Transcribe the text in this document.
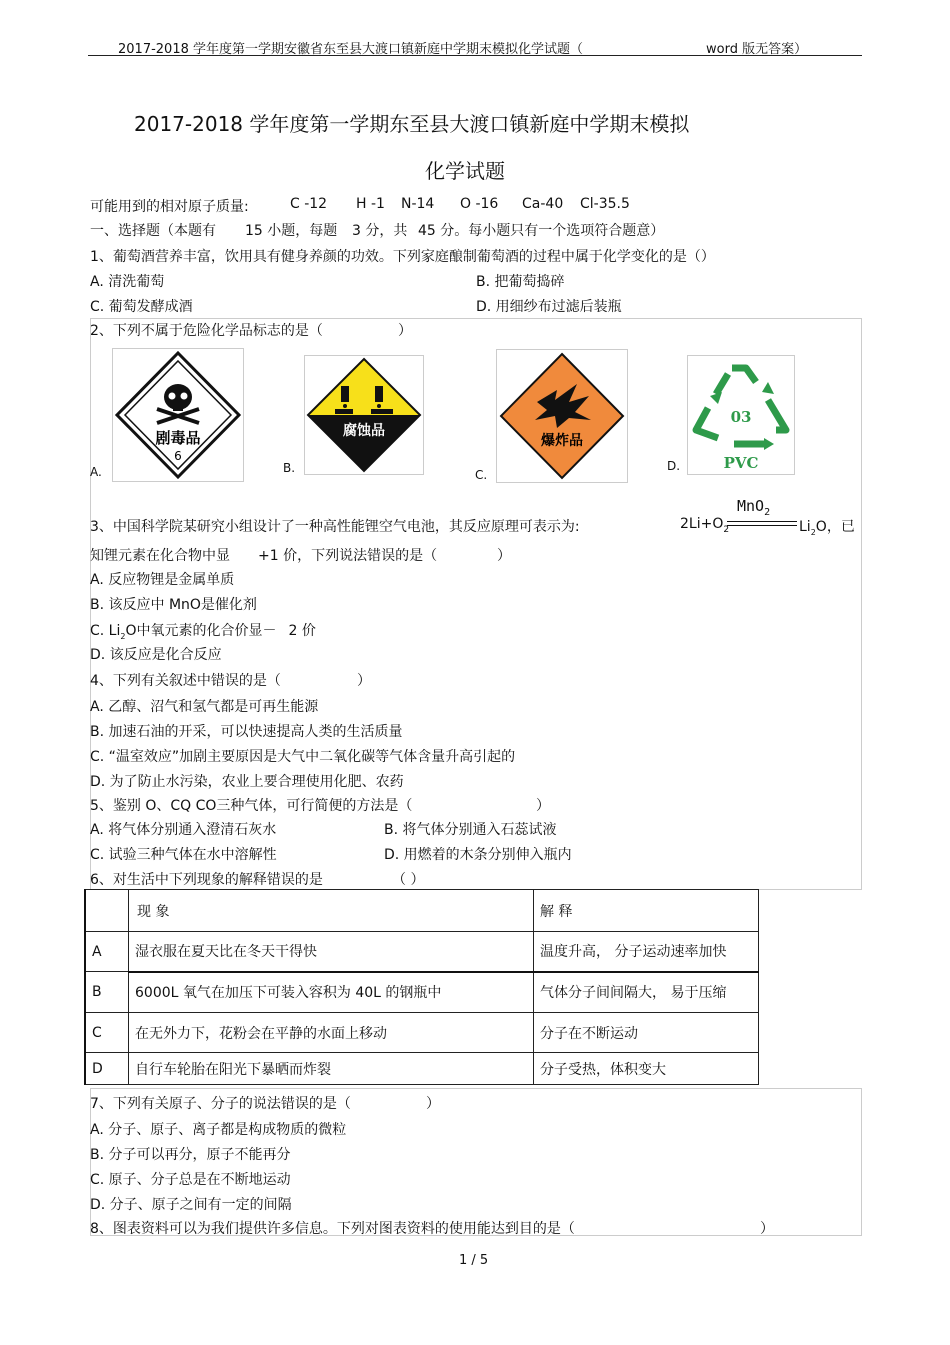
2017-2018 学年度第一学期安徽省东至县大渡口镇新庭中学期末模拟化学试题（	word 版无答案）
2017-2018 学年度第一学期东至县大渡口镇新庭中学期末模拟
化学试题
可能用到的相对原子质量:	C -12 H -1 N-14 O -16 Ca-40 Cl-35.5
一、选择题（本题有 15 小题，每题 3 分，共 45 分。每小题只有一个选项符合题意）
1、葡萄酒营养丰富，饮用具有健身养颜的功效。下列家庭酿制葡萄酒的过程中属于化学变化的是（）
A. 清洗葡萄	B. 把葡萄捣碎
C. 葡萄发酵成酒	D. 用细纱布过滤后装瓶
2、下列不属于危险化学品标志的是（	）
剧毒品
6
A.
腐蚀品
B.
爆炸品
C.
03
PVC
D.
3、中国科学院某研究小组设计了一种高性能锂空气电池，其反应原理可表示为:	$2Li+O_2$
MnO$_2$
$Li_2O$，已
知锂元素在化合物中显 +1 价，下列说法错误的是（	）
A. 反应物锂是金属单质
B. 该反应中 MnO是催化剂
C. $Li_2O$中氧元素的化合价显－ 2 价
D. 该反应是化合反应
4、下列有关叙述中错误的是（	）
A. 乙醇、沼气和氢气都是可再生能源
B. 加速石油的开采，可以快速提高人类的生活质量
C. “温室效应”加剧主要原因是大气中二氧化碳等气体含量升高引起的
D. 为了防止水污染，农业上要合理使用化肥、农药
5、鉴别 O、CQ CO三种气体，可行简便的方法是（	）
A. 将气体分别通入澄清石灰水	B. 将气体分别通入石蕊试液
C. 试验三种气体在水中溶解性	D. 用燃着的木条分别伸入瓶内
6、对生活中下列现象的解释错误的是	（ ）
	现 象	解 释
A	湿衣服在夏天比在冬天干得快	温度升高， 分子运动速率加快
B	6000L 氧气在加压下可装入容积为 40L 的钢瓶中	气体分子间间隔大， 易于压缩
C	在无外力下，花粉会在平静的水面上移动	分子在不断运动
D	自行车轮胎在阳光下暴晒而炸裂	分子受热，体积变大
7、下列有关原子、分子的说法错误的是（	）
A. 分子、原子、离子都是构成物质的微粒
B. 分子可以再分，原子不能再分
C. 原子、分子总是在不断地运动
D. 分子、原子之间有一定的间隔
8、图表资料可以为我们提供许多信息。下列对图表资料的使用能达到目的是（	）
1 / 5
